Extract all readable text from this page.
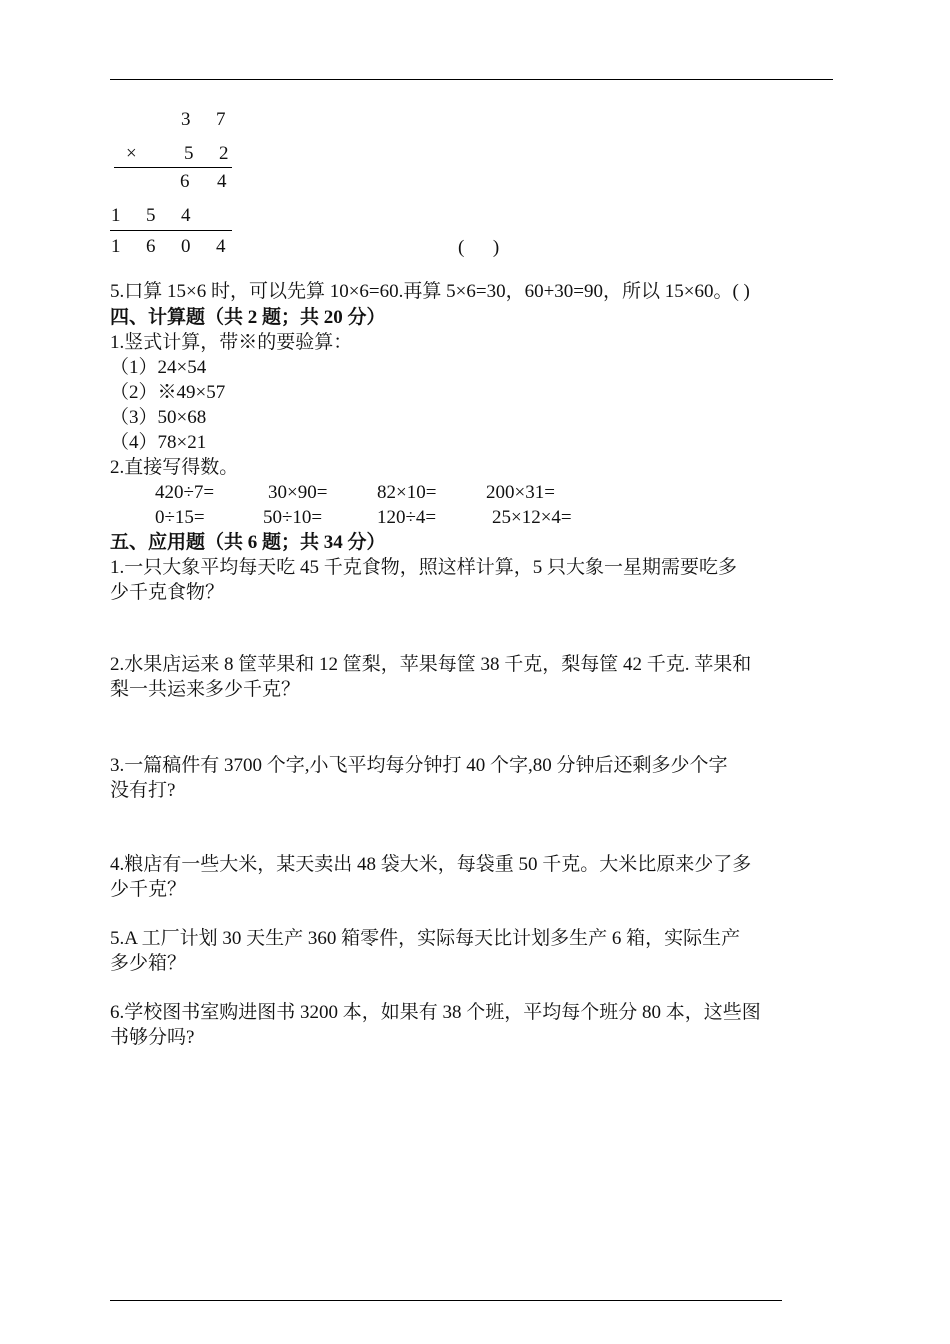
3 7
× 5 2
6 4
1 5 4
1 6 0 4	(      )
5.口算 15×6 时，可以先算 10×6=60.再算 5×6=30，60+30=90，所以 15×60。( )
四、计算题（共 2 题；共 20 分）
1.竖式计算，带※的要验算：
（1）24×54
（2）※49×57
（3）50×68
（4）78×21
2.直接写得数。
420÷7=	30×90=	82×10=	200×31=
0÷15=	50÷10=	120÷4=	25×12×4=
五、应用题（共 6 题；共 34 分）
1.一只大象平均每天吃 45 千克食物，照这样计算，5 只大象一星期需要吃多
少千克食物？
2.水果店运来 8 筐苹果和 12 筐梨，苹果每筐 38 千克，梨每筐 42 千克. 苹果和
梨一共运来多少千克？
3.一篇稿件有 3700 个字,小飞平均每分钟打 40 个字,80 分钟后还剩多少个字
没有打?
4.粮店有一些大米，某天卖出 48 袋大米，每袋重 50 千克。大米比原来少了多
少千克？
5.A 工厂计划 30 天生产 360 箱零件，实际每天比计划多生产 6 箱，实际生产
多少箱？
6.学校图书室购进图书 3200 本，如果有 38 个班，平均每个班分 80 本，这些图
书够分吗?
